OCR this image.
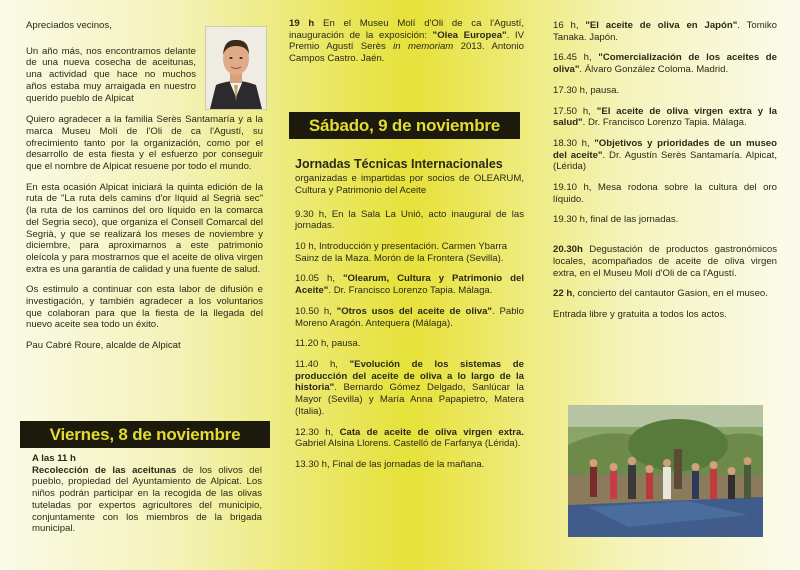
Apreciados vecinos,

Un año más, nos encontramos delante de una nueva cosecha de aceitunas, una actividad que hace no muchos años estaba muy arraigada en nuestro querido pueblo de Alpicat

Quiero agradecer a la familia Serès Santamaría y a la marca Museu Molí de l'Oli de ca l'Agustí, su ofrecimiento tanto por la organización, como por el desarrollo de esta fiesta y el esfuerzo por conseguir que el nombre de Alpicat resuene por todo el mundo.

En esta ocasión Alpicat iniciará la quinta edición de la ruta de "La ruta dels camins d'or líquid al Segrià sec" (la ruta de los caminos del oro líquido en la comarca del Segria seco), que organiza el Consell Comarcal del Segrià, y que se realizará los meses de noviembre y diciembre, para aproximarnos a este patrimonio oleícola y para mostrarnos que el aceite de oliva virgen extra es una garantía de calidad y una fuente de salud.

Os estimulo a continuar con esta labor de difusión e investigación, y también agradecer a los voluntarios que colaboran para que la fiesta de la llegada del nuevo aceite sea todo un éxito.

Pau Cabré Roure, alcalde de Alpicat

Viernes, 8 de noviembre
A las 11 h

Recolección de las aceitunas de los olivos del pueblo, propiedad del Ayuntamiento de Alpicat. Los niños podrán participar en la recogida de las olivas tuteladas por expertos agricultores del municipio, conjuntamente con los miembros de la brigada municipal.

19 h En el Museu Molí d'Oli de ca l'Agustí, inauguración de la exposición: "Olea Europea". IV Premio Agustí Serès in memoriam 2013. Antonio Campos Castro. Jaén.

Sábado, 9 de noviembre
Jornadas Técnicas Internacionales

organizadas e impartidas por socios de OLEARUM, Cultura y Patrimonio del Aceite

9.30 h, En la Sala La Unió, acto inaugural de las jornadas.

10 h, Introducción y presentación. Carmen Ybarra Sainz de la Maza. Morón de la Frontera (Sevilla).

10.05 h, "Olearum, Cultura y Patrimonio del Aceite". Dr. Francisco Lorenzo Tapia. Málaga.

10.50 h, "Otros usos del aceite de oliva". Pablo Moreno Aragón. Antequera (Málaga).

11.20 h, pausa.

11.40 h, "Evolución de los sistemas de producción del aceite de oliva a lo largo de la historia". Bernardo Gómez Delgado, Sanlúcar la Mayor (Sevilla) y María Anna Papapietro, Matera (Italia).

12.30 h, Cata de aceite de oliva virgen extra. Gabriel Alsina Llorens. Castelló de Farfanya (Lérida).

13.30 h, Final de las jornadas de la mañana.

16 h, "El aceite de oliva en Japón". Tomiko Tanaka. Japón.

16.45 h, "Comercialización de los aceites de oliva". Álvaro González Coloma. Madrid.

17.30 h, pausa.

17.50 h, "El aceite de oliva virgen extra y la salud". Dr. Francisco Lorenzo Tapia. Málaga.

18.30 h, "Objetivos y prioridades de un museo del aceite". Dr. Agustín Serès Santamaría. Alpicat, (Lérida)

19.10 h, Mesa rodona sobre la cultura del oro líquido.

19.30 h, final de las jornadas.

20.30h Degustación de productos gastronómicos locales, acompañados de aceite de oliva virgen extra, en el Museu Molí d'Oli de ca l'Agustí.

22 h, concierto del cantautor Gasion, en el museo.

Entrada libre y gratuita a todos los actos.
